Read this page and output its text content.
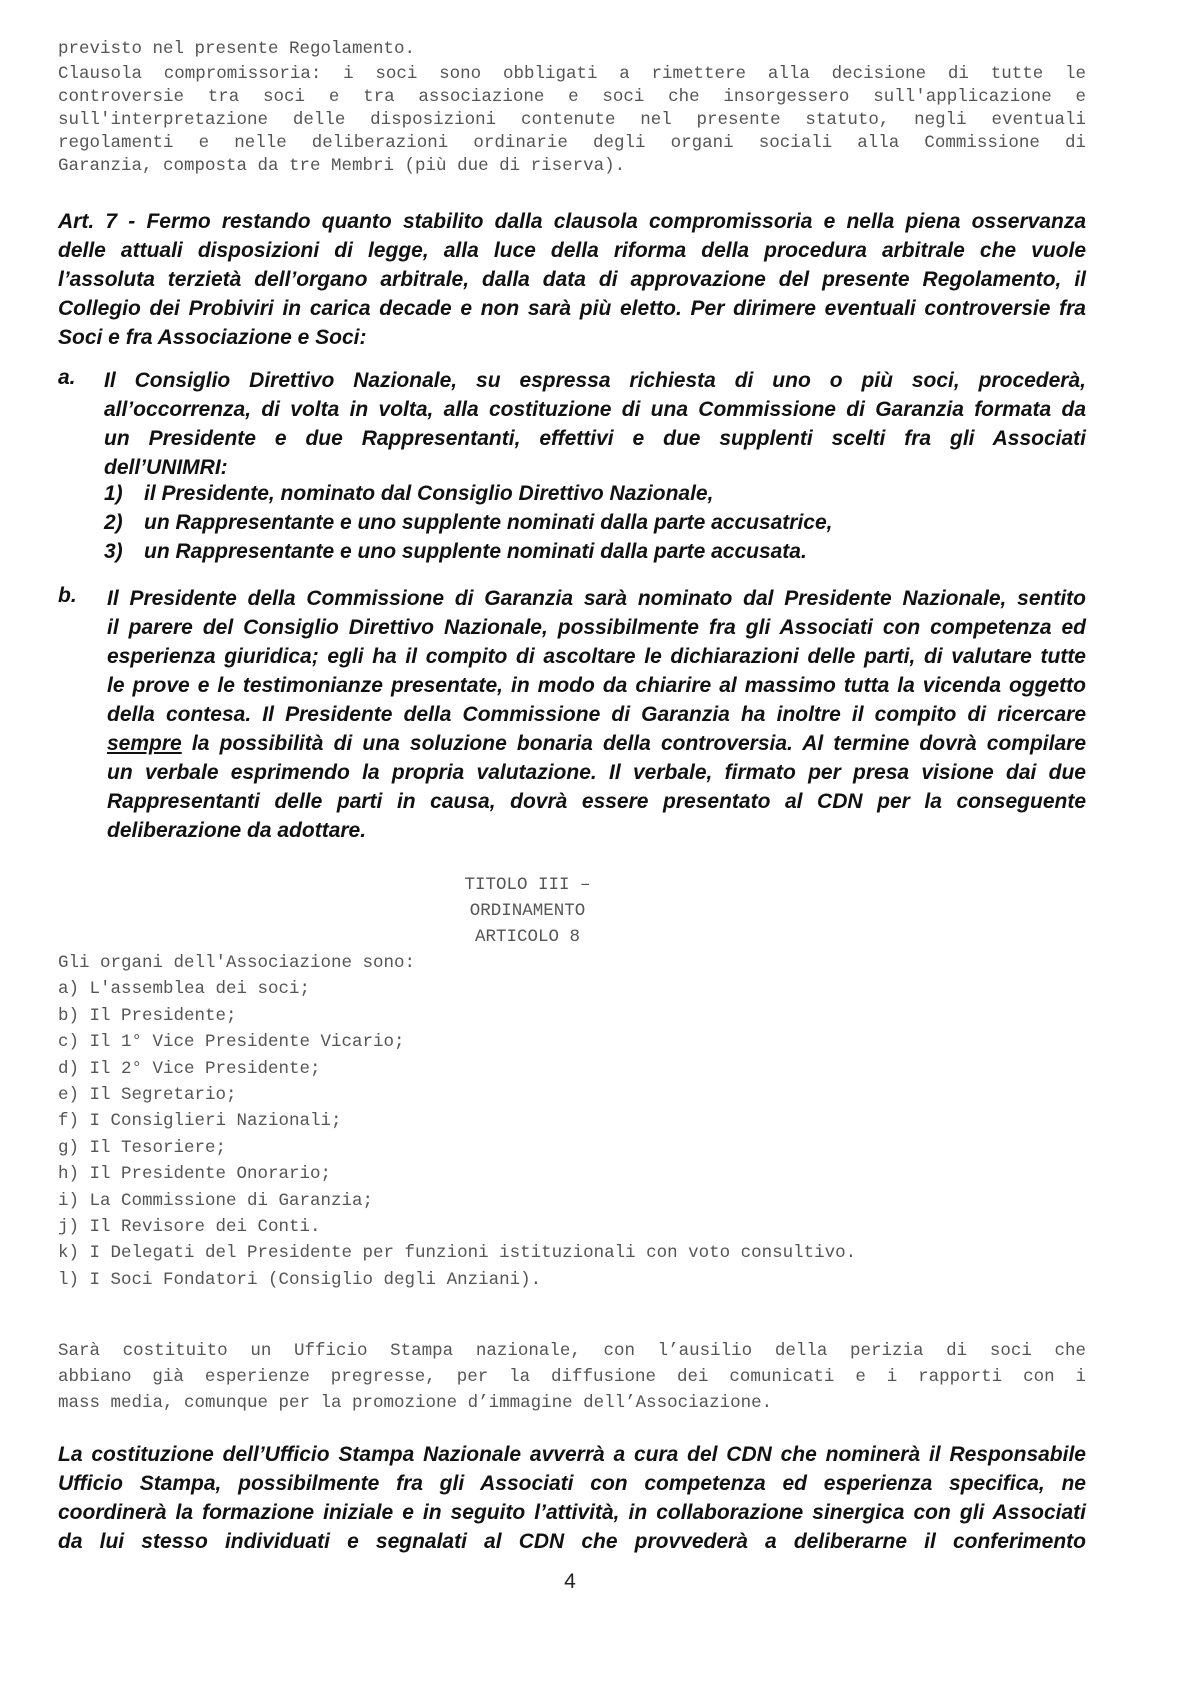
previsto nel presente Regolamento.
Clausola compromissoria: i soci sono obbligati a rimettere alla decisione di tutte le
controversie tra soci e tra associazione e soci che insorgessero sull'applicazione e
sull'interpretazione delle disposizioni contenute nel presente statuto, negli eventuali
regolamenti e nelle deliberazioni ordinarie degli organi sociali alla Commissione di
Garanzia, composta da tre Membri (più due di riserva).
Art. 7 - Fermo restando quanto stabilito dalla clausola compromissoria e nella piena osservanza
delle attuali disposizioni di legge, alla luce della riforma della procedura arbitrale che vuole
l’assoluta terzietà dell’organo arbitrale, dalla data di approvazione del presente Regolamento, il
Collegio dei Probiviri in carica decade e non sarà più eletto. Per dirimere eventuali controversie fra
Soci e fra Associazione e Soci:
a. Il Consiglio Direttivo Nazionale, su espressa richiesta di uno o più soci, procederà,
all’occorrenza, di volta in volta, alla costituzione di una Commissione di Garanzia formata da
un Presidente e due Rappresentanti, effettivi e due supplenti scelti fra gli Associati
dell’UNIMRI:
1) il Presidente, nominato dal Consiglio Direttivo Nazionale,
2) un Rappresentante e uno supplente nominati dalla parte accusatrice,
3) un Rappresentante e uno supplente nominati dalla parte accusata.
b. Il Presidente della Commissione di Garanzia sarà nominato dal Presidente Nazionale, sentito
il parere del Consiglio Direttivo Nazionale, possibilmente fra gli Associati con competenza ed
esperienza giuridica; egli ha il compito di ascoltare le dichiarazioni delle parti, di valutare tutte
le prove e le testimonianze presentate, in modo da chiarire al massimo tutta la vicenda oggetto
della contesa. Il Presidente della Commissione di Garanzia ha inoltre il compito di ricercare
sempre la possibilità di una soluzione bonaria della controversia. Al termine dovrà compilare
un verbale esprimendo la propria valutazione. Il verbale, firmato per presa visione dai due
Rappresentanti delle parti in causa, dovrà essere presentato al CDN per la conseguente
deliberazione da adottare.
TITOLO III –
ORDINAMENTO
ARTICOLO 8
Gli organi dell'Associazione sono:
a) L'assemblea dei soci;
b) Il Presidente;
c) Il 1° Vice Presidente Vicario;
d) Il 2° Vice Presidente;
e) Il Segretario;
f) I Consiglieri Nazionali;
g) Il Tesoriere;
h) Il Presidente Onorario;
i) La Commissione di Garanzia;
j) Il Revisore dei Conti.
k) I Delegati del Presidente per funzioni istituzionali con voto consultivo.
l) I Soci Fondatori (Consiglio degli Anziani).
Sarà costituito un Ufficio Stampa nazionale, con l’ausilio della perizia di soci che
abbiano già esperienze pregresse, per la diffusione dei comunicati e i rapporti con i
mass media, comunque per la promozione d’immagine dell’Associazione.
La costituzione dell’Ufficio Stampa Nazionale avverrà a cura del CDN che nominerà il Responsabile
Ufficio Stampa, possibilmente fra gli Associati con competenza ed esperienza specifica, ne
coordinerà la formazione iniziale e in seguito l’attività, in collaborazione sinergica con gli Associati
da lui stesso individuati e segnalati al CDN che provvederà a deliberarne il conferimento
4
